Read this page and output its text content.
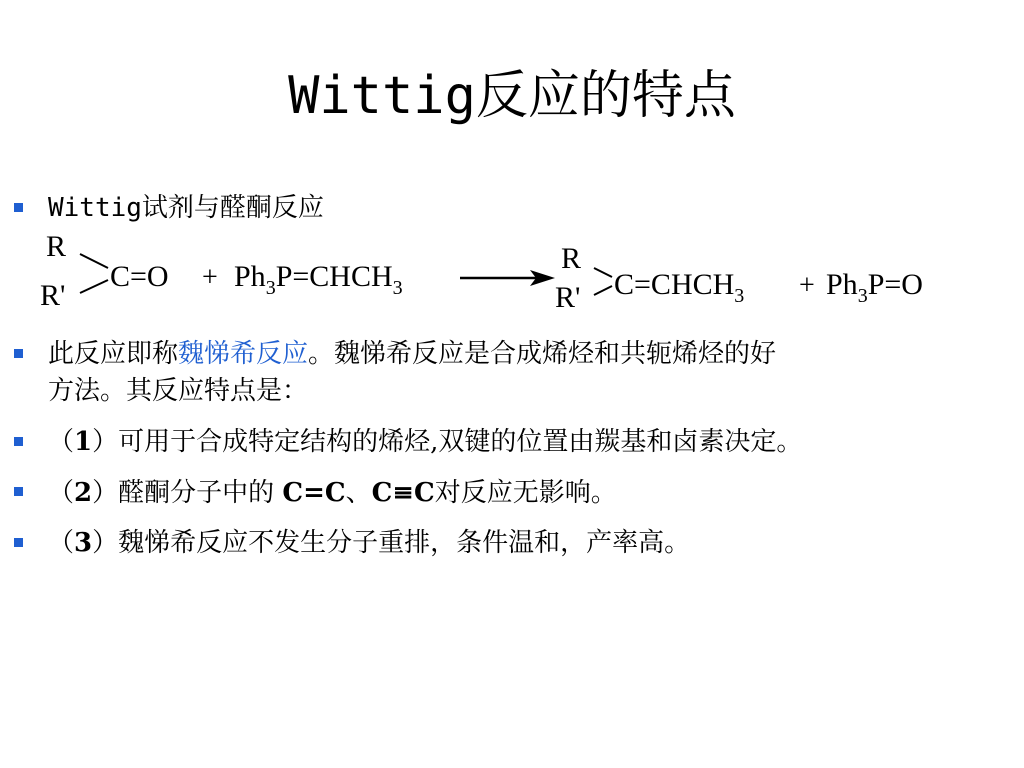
Wittig反应的特点
Wittig试剂与醛酮反应
R
R'
$C=O + Ph_3P=CHCH_3$
R
R' $C=CHCH_3 + Ph_3P=O$
此反应即称魏悌希反应。魏悌希反应是合成烯烃和共轭烯烃的好
方法。其反应特点是：
（1）可用于合成特定结构的烯烃,双键的位置由羰基和卤素决定。
（2）醛酮分子中的 C=C、C≡C对反应无影响。
（3）魏悌希反应不发生分子重排，条件温和，产率高。
